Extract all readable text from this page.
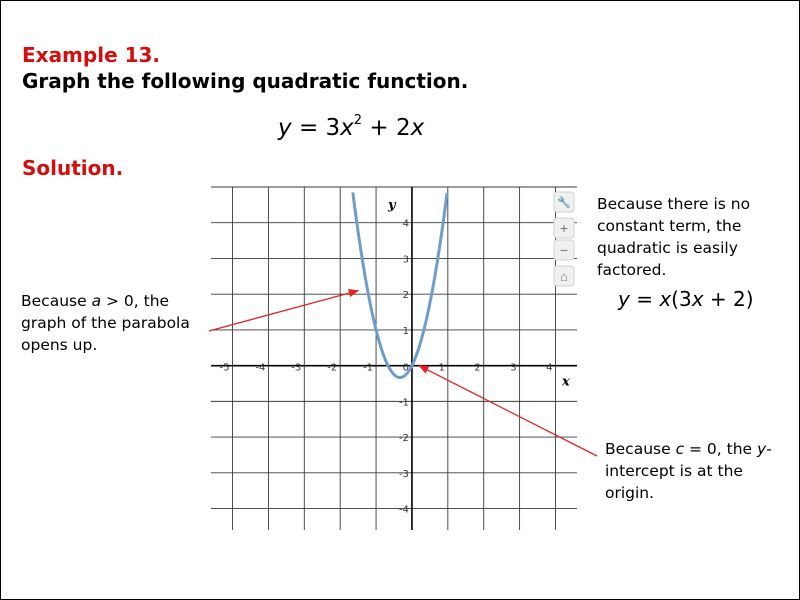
Example 13.
Graph the following quadratic function.
$y = 3x^2 + 2x$
Solution.
-5	-4	-3	-2	-1	0	1	2	3	4
-4
-3
-2
-1
1
2
3
4
x
y	🔧
+
−
⌂
Because there is no constant term, the quadratic is easily factored.
y = x(3x + 2)
Because a > 0, the graph of the parabola opens up.
Because c = 0, the y-intercept is at the origin.
